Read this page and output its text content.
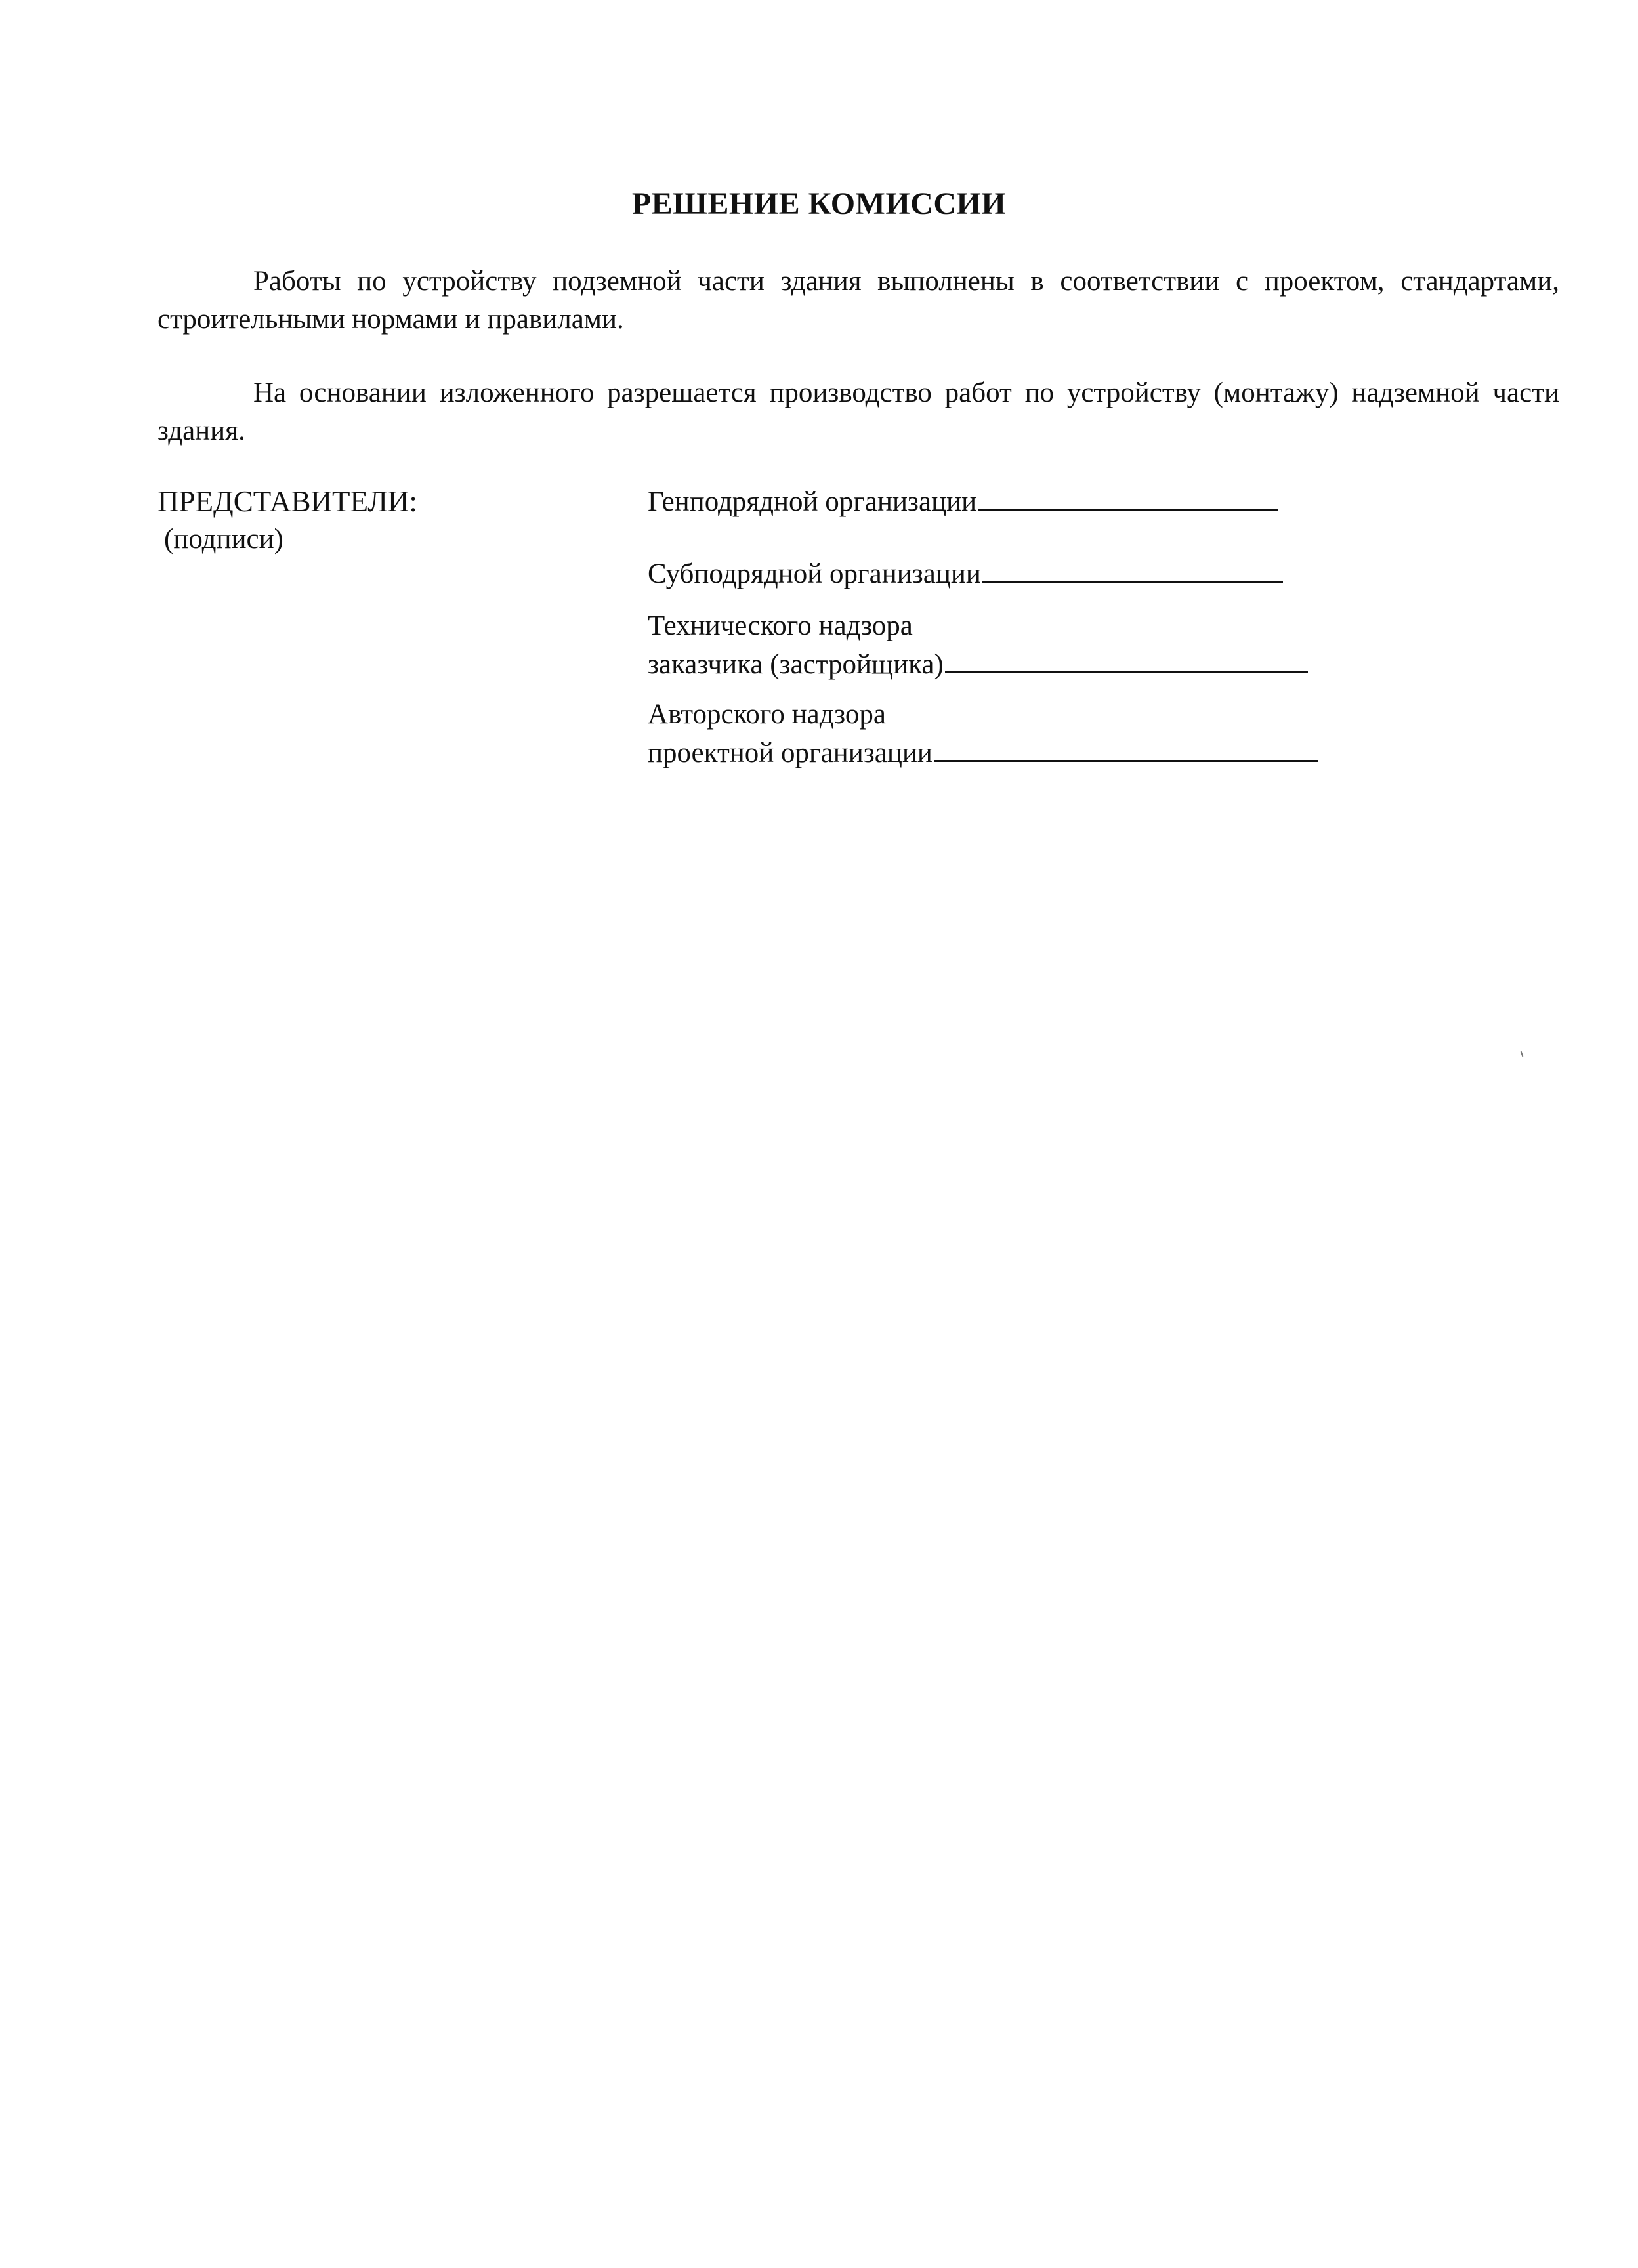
РЕШЕНИЕ КОМИССИИ
Работы по устройству подземной части здания выполнены в соответствии с проектом, стандартами, строительными нормами и правилами.
На основании изложенного разрешается производство работ по устройству (монтажу) надземной части здания.
ПРЕДСТАВИТЕЛИ:
(подписи)
Генподрядной организации
Субподрядной организации
Технического надзора
заказчика (застройщика)
Авторского надзора
проектной организации
